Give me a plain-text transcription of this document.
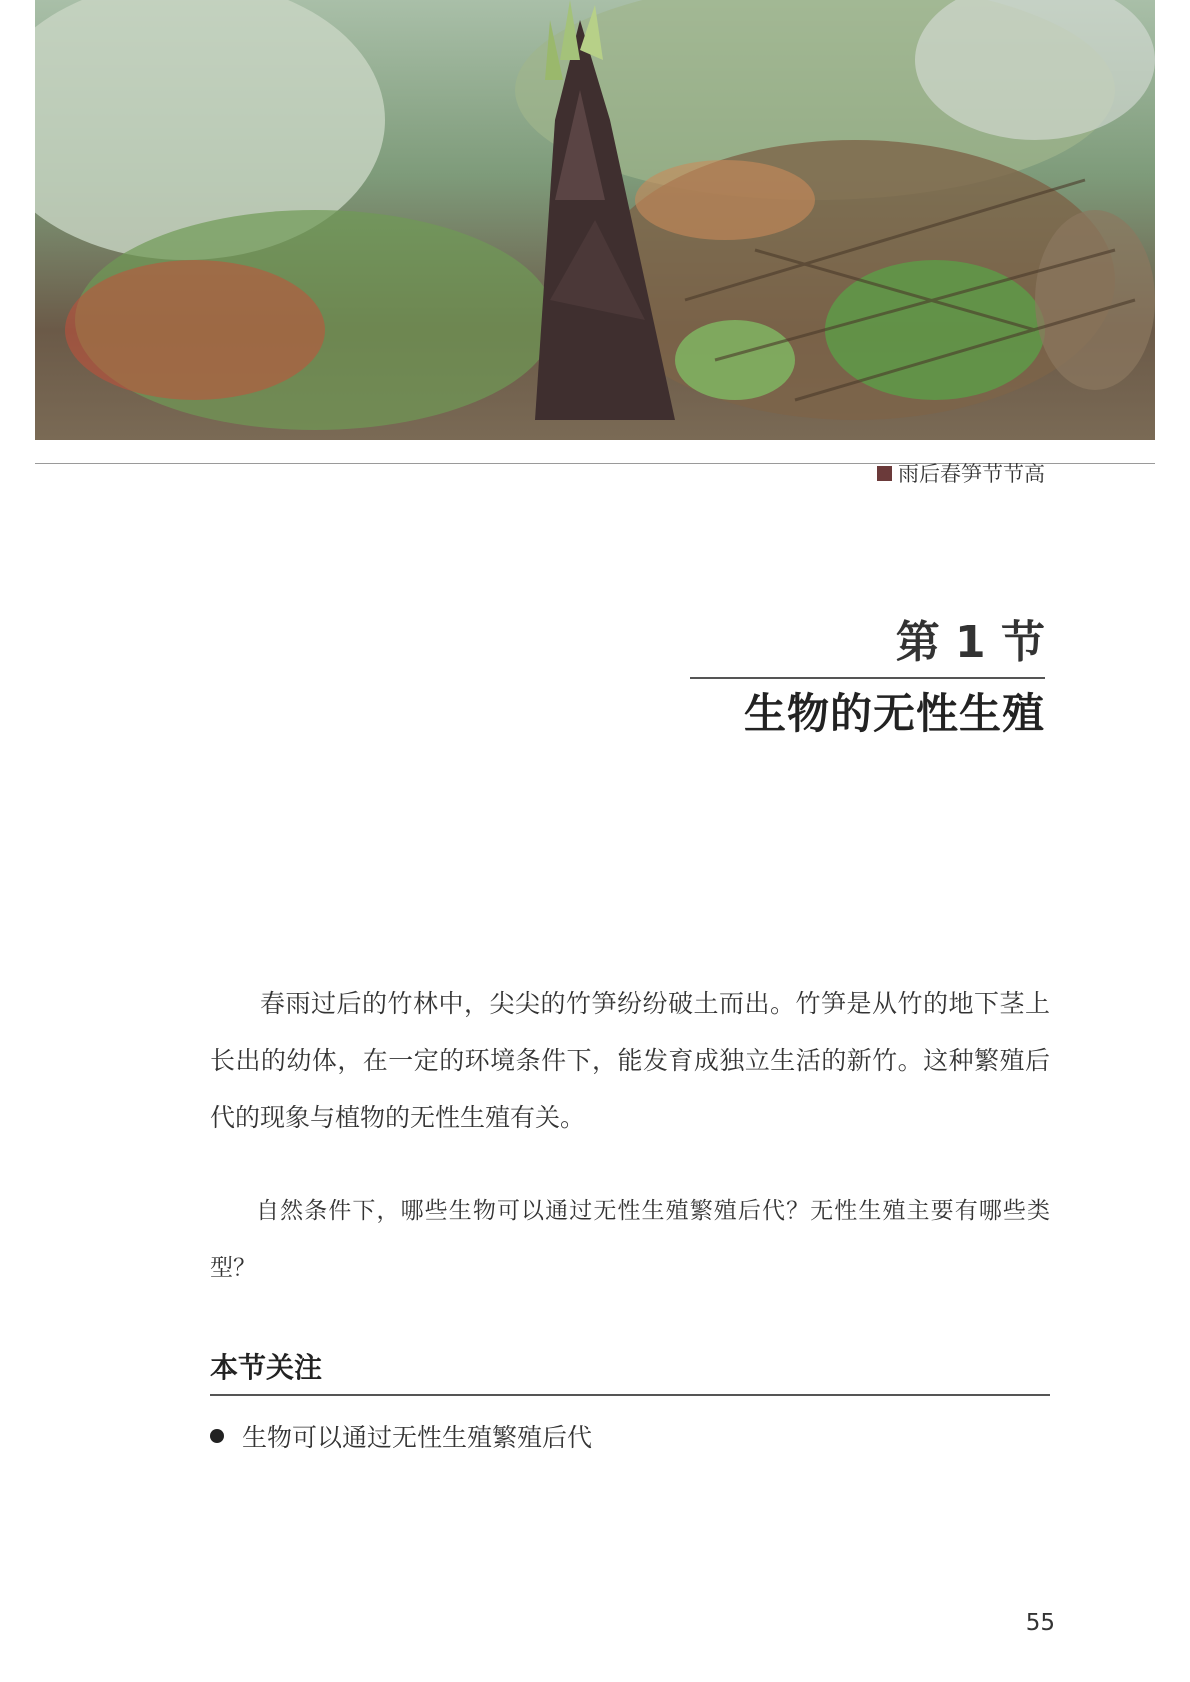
雨后春笋节节高
第 1 节
生物的无性生殖

春雨过后的竹林中，尖尖的竹笋纷纷破土而出。竹笋是从竹的地下茎上长出的幼体，在一定的环境条件下，能发育成独立生活的新竹。这种繁殖后代的现象与植物的无性生殖有关。

自然条件下，哪些生物可以通过无性生殖繁殖后代？无性生殖主要有哪些类型？

本节关注
生物可以通过无性生殖繁殖后代
55
